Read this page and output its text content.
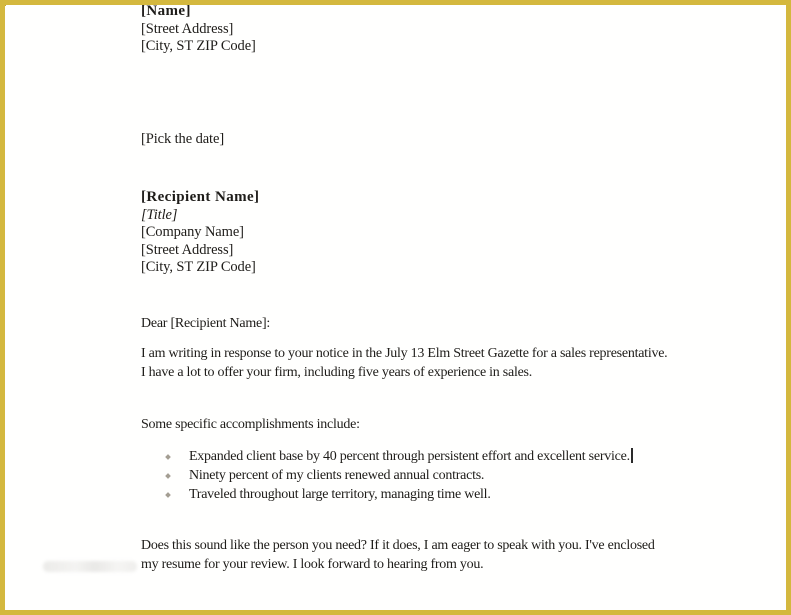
[Name]
[Street Address]
[City, ST ZIP Code]
[Pick the date]
[Recipient Name]
[Title]
[Company Name]
[Street Address]
[City, ST ZIP Code]
Dear [Recipient Name]:
I am writing in response to your notice in the July 13 Elm Street Gazette for a sales representative. I have a lot to offer your firm, including five years of experience in sales.
Some specific accomplishments include:
Expanded client base by 40 percent through persistent effort and excellent service.
Ninety percent of my clients renewed annual contracts.
Traveled throughout large territory, managing time well.
Does this sound like the person you need? If it does, I am eager to speak with you. I've enclosed my resume for your review. I look forward to hearing from you.
